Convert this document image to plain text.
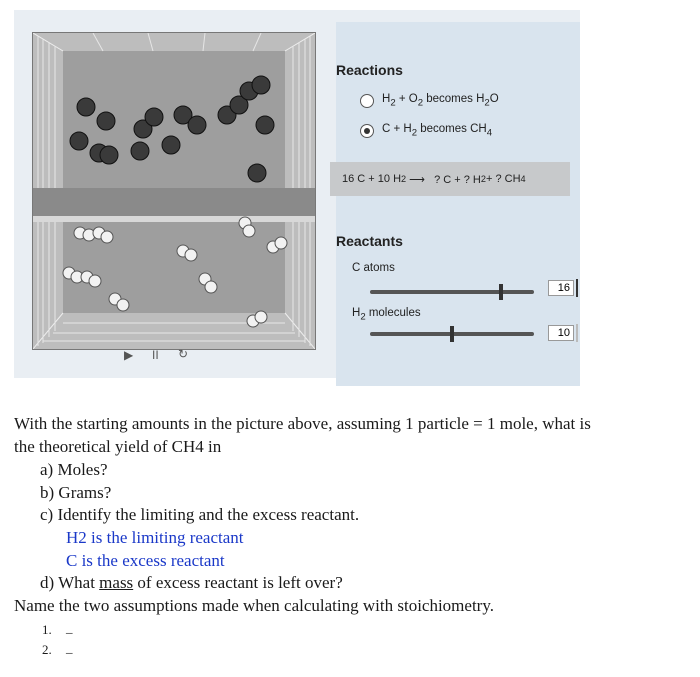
▶ II ↻
Reactions
$H_2 + O_2$ becomes $H_2O$
$C + H_2$ becomes $CH_4$
Reactants
C atoms
16
$H_2$ molecules
10
16 C + 10 H 2 ⟶   ? C + ? H 2 + ? CH 4
With the starting amounts in the picture above, assuming 1 particle = 1 mole, what is
the theoretical yield of CH4 in
a) Moles?
b) Grams?
c) Identify the limiting and the excess reactant.
H2 is the limiting reactant
C is the excess reactant
d) What mass of excess reactant is left over?
Name the two assumptions made when calculating with stoichiometry.
1. _
2. _
